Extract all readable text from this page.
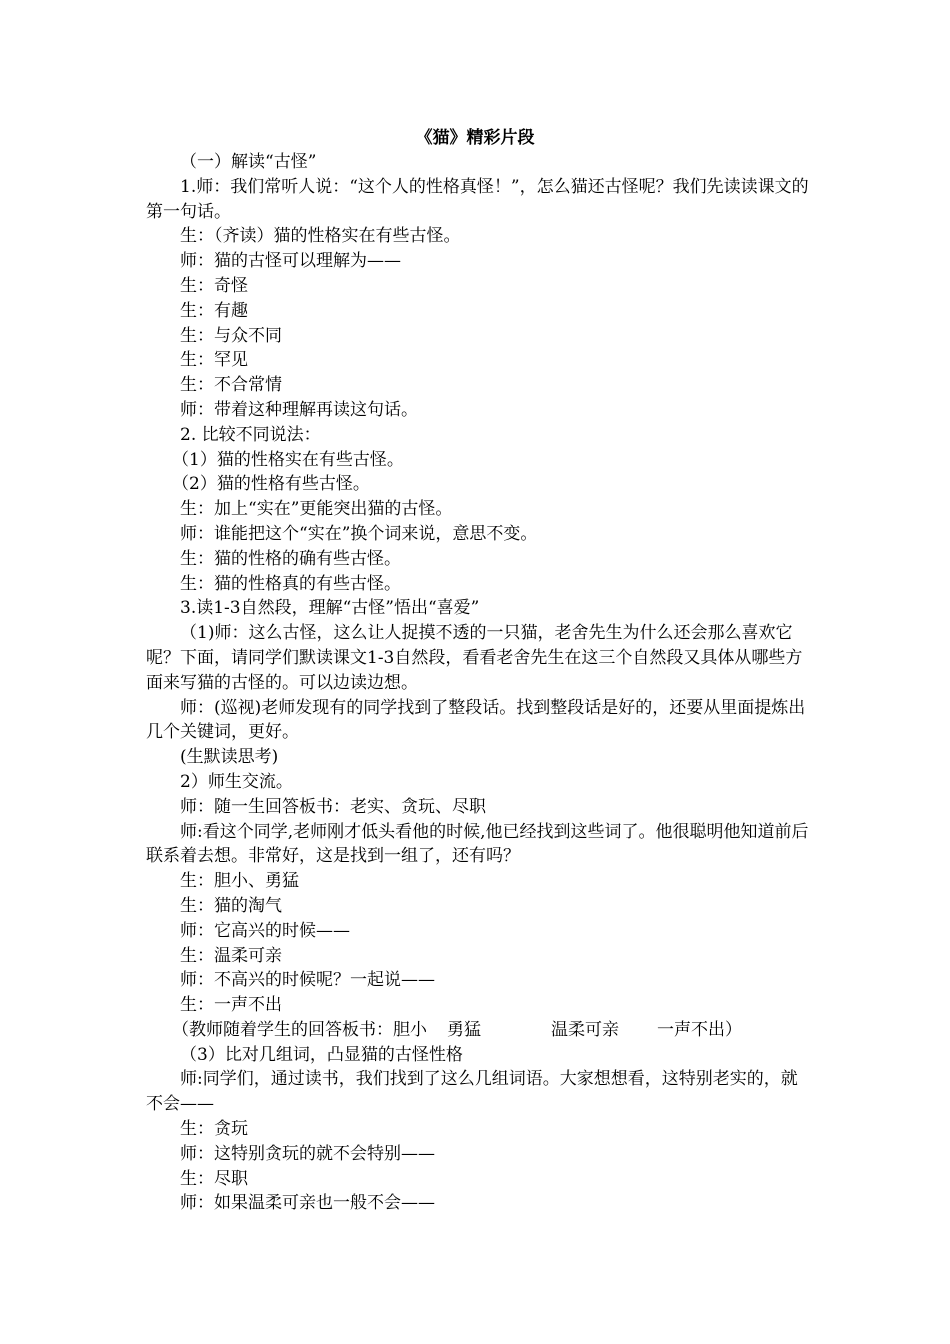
《猫》精彩片段

（一）解读“古怪”

1.师：我们常听人说：“这个人的性格真怪！”，怎么猫还古怪呢？我们先读读课文的第一句话。

生：（齐读）猫的性格实在有些古怪。

师：猫的古怪可以理解为——

生：奇怪

生：有趣

生：与众不同

生：罕见

生：不合常情

师：带着这种理解再读这句话。

2. 比较不同说法：

（1）猫的性格实在有些古怪。

（2）猫的性格有些古怪。

生：加上“实在”更能突出猫的古怪。

师：谁能把这个“实在”换个词来说，意思不变。

生：猫的性格的确有些古怪。

生：猫的性格真的有些古怪。

3.读1-3自然段，理解“古怪”悟出“喜爱”

（1)师：这么古怪，这么让人捉摸不透的一只猫，老舍先生为什么还会那么喜欢它呢？下面，请同学们默读课文1-3自然段，看看老舍先生在这三个自然段又具体从哪些方面来写猫的古怪的。可以边读边想。

师：(巡视)老师发现有的同学找到了整段话。找到整段话是好的，还要从里面提炼出几个关键词，更好。

(生默读思考)

2）师生交流。

师：随一生回答板书：老实、贪玩、尽职

师:看这个同学,老师刚才低头看他的时候,他已经找到这些词了。他很聪明他知道前后联系着去想。非常好，这是找到一组了，还有吗？

生：胆小、勇猛

生：猫的淘气

师：它高兴的时候——

生：温柔可亲

师：不高兴的时候呢？一起说——

生：一声不出

（教师随着学生的回答板书：胆小 勇猛	温柔可亲 一声不出）

（3）比对几组词，凸显猫的古怪性格

师:同学们，通过读书，我们找到了这么几组词语。大家想想看，这特别老实的，就不会——

生：贪玩

师：这特别贪玩的就不会特别——

生：尽职

师：如果温柔可亲也一般不会——
